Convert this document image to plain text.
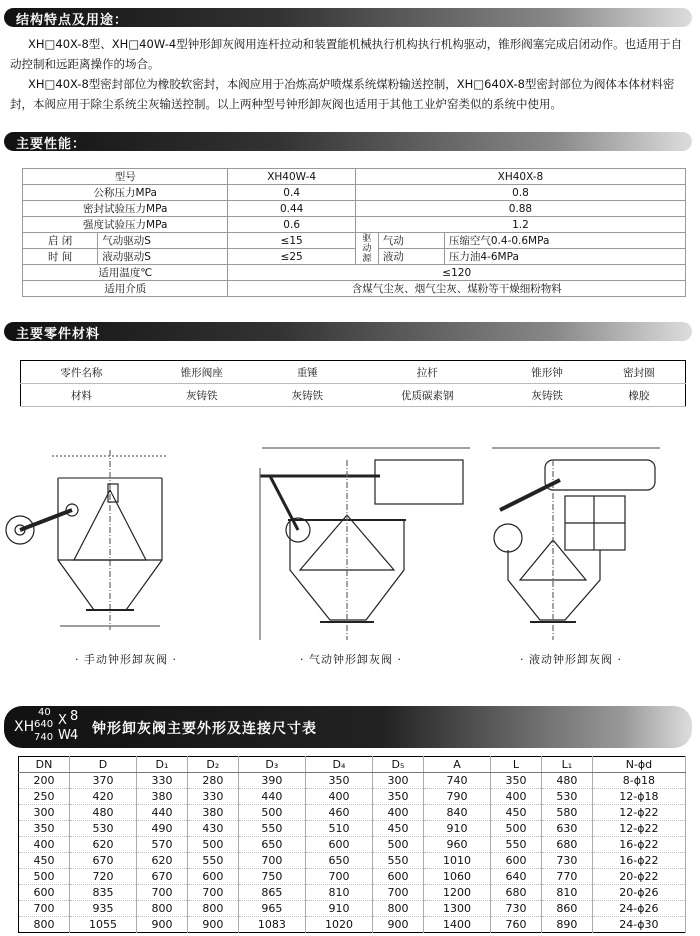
结构特点及用途：

XH□40X-8型、XH□40W-4型钟形卸灰阀用连杆拉动和装置能机械执行机构执行机构驱动，锥形阀塞完成启闭动作。也适用于自动控制和远距离操作的场合。

XH□40X-8型密封部位为橡胶软密封，本阀应用于冶炼高炉喷煤系统煤粉输送控制，XH□640X-8型密封部位为阀体本体材料密封，本阀应用于除尘系统尘灰输送控制。以上两种型号钟形卸灰阀也适用于其他工业炉窑类似的系统中使用。

主要性能：
型号		XH40W-4	XH40X-8		
公称压力MPa		0.4	0.8		
密封试验压力MPa		0.44	0.88		
强度试验压力MPa		0.6	1.2		
启 闭	气动驱动S	≤15	驱动源	气动	压缩空气0.4-0.6MPa
时 间	液动驱动S	≤25		液动	压力油4-6MPa
适用温度℃		≤120			
适用介质		含煤气尘灰、烟气尘灰、煤粉等干燥细粉物料			
主要零件材料
零件名称	锥形阀座	重锤	拉杆	锥形钟	密封圈
材料	灰铸铁	灰铸铁	优质碳素钢	灰铸铁	橡胶
· 手动钟形卸灰阀 ·	· 气动钟形卸灰阀 ·	· 液动钟形卸灰阀 ·
XH
40
640
740
X
W
8
4 钟形卸灰阀主要外形及连接尺寸表
DN	D	D₁	D₂	D₃	D₄	D₅	A	L	L₁	N-ϕd
200	370	330	280	390	350	300	740	350	480	8-ϕ18
250	420	380	330	440	400	350	790	400	530	12-ϕ18
300	480	440	380	500	460	400	840	450	580	12-ϕ22
350	530	490	430	550	510	450	910	500	630	12-ϕ22
400	620	570	500	650	600	500	960	550	680	16-ϕ22
450	670	620	550	700	650	550	1010	600	730	16-ϕ22
500	720	670	600	750	700	600	1060	640	770	20-ϕ22
600	835	700	700	865	810	700	1200	680	810	20-ϕ26
700	935	800	800	965	910	800	1300	730	860	24-ϕ26
800	1055	900	900	1083	1020	900	1400	760	890	24-ϕ30
